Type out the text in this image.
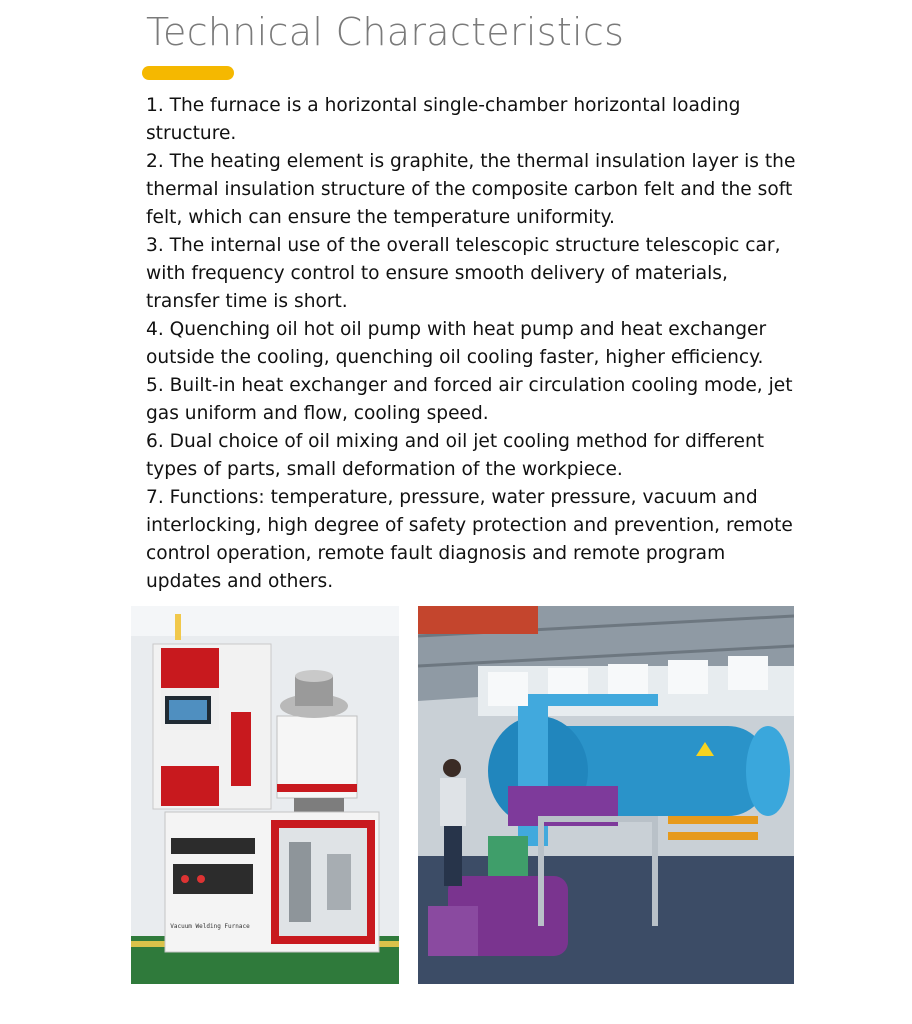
Technical Characteristics
1. The furnace is a horizontal single-chamber horizontal loading structure.
2. The heating element is graphite, the thermal insulation layer is the thermal insulation structure of the composite carbon felt and the soft felt, which can ensure the temperature uniformity.
3. The internal use of the overall telescopic structure telescopic car, with frequency control to ensure smooth delivery of materials, transfer time is short.
4. Quenching oil hot oil pump with heat pump and heat exchanger outside the cooling, quenching oil cooling faster, higher efficiency.
5. Built-in heat exchanger and forced air circulation cooling mode, jet gas uniform and flow, cooling speed.
6. Dual choice of oil mixing and oil jet cooling method for different types of parts, small deformation of the workpiece.
7. Functions: temperature, pressure, water pressure, vacuum and interlocking, high degree of safety protection and prevention, remote control operation, remote fault diagnosis and remote program updates and others.
Vacuum Welding Furnace
